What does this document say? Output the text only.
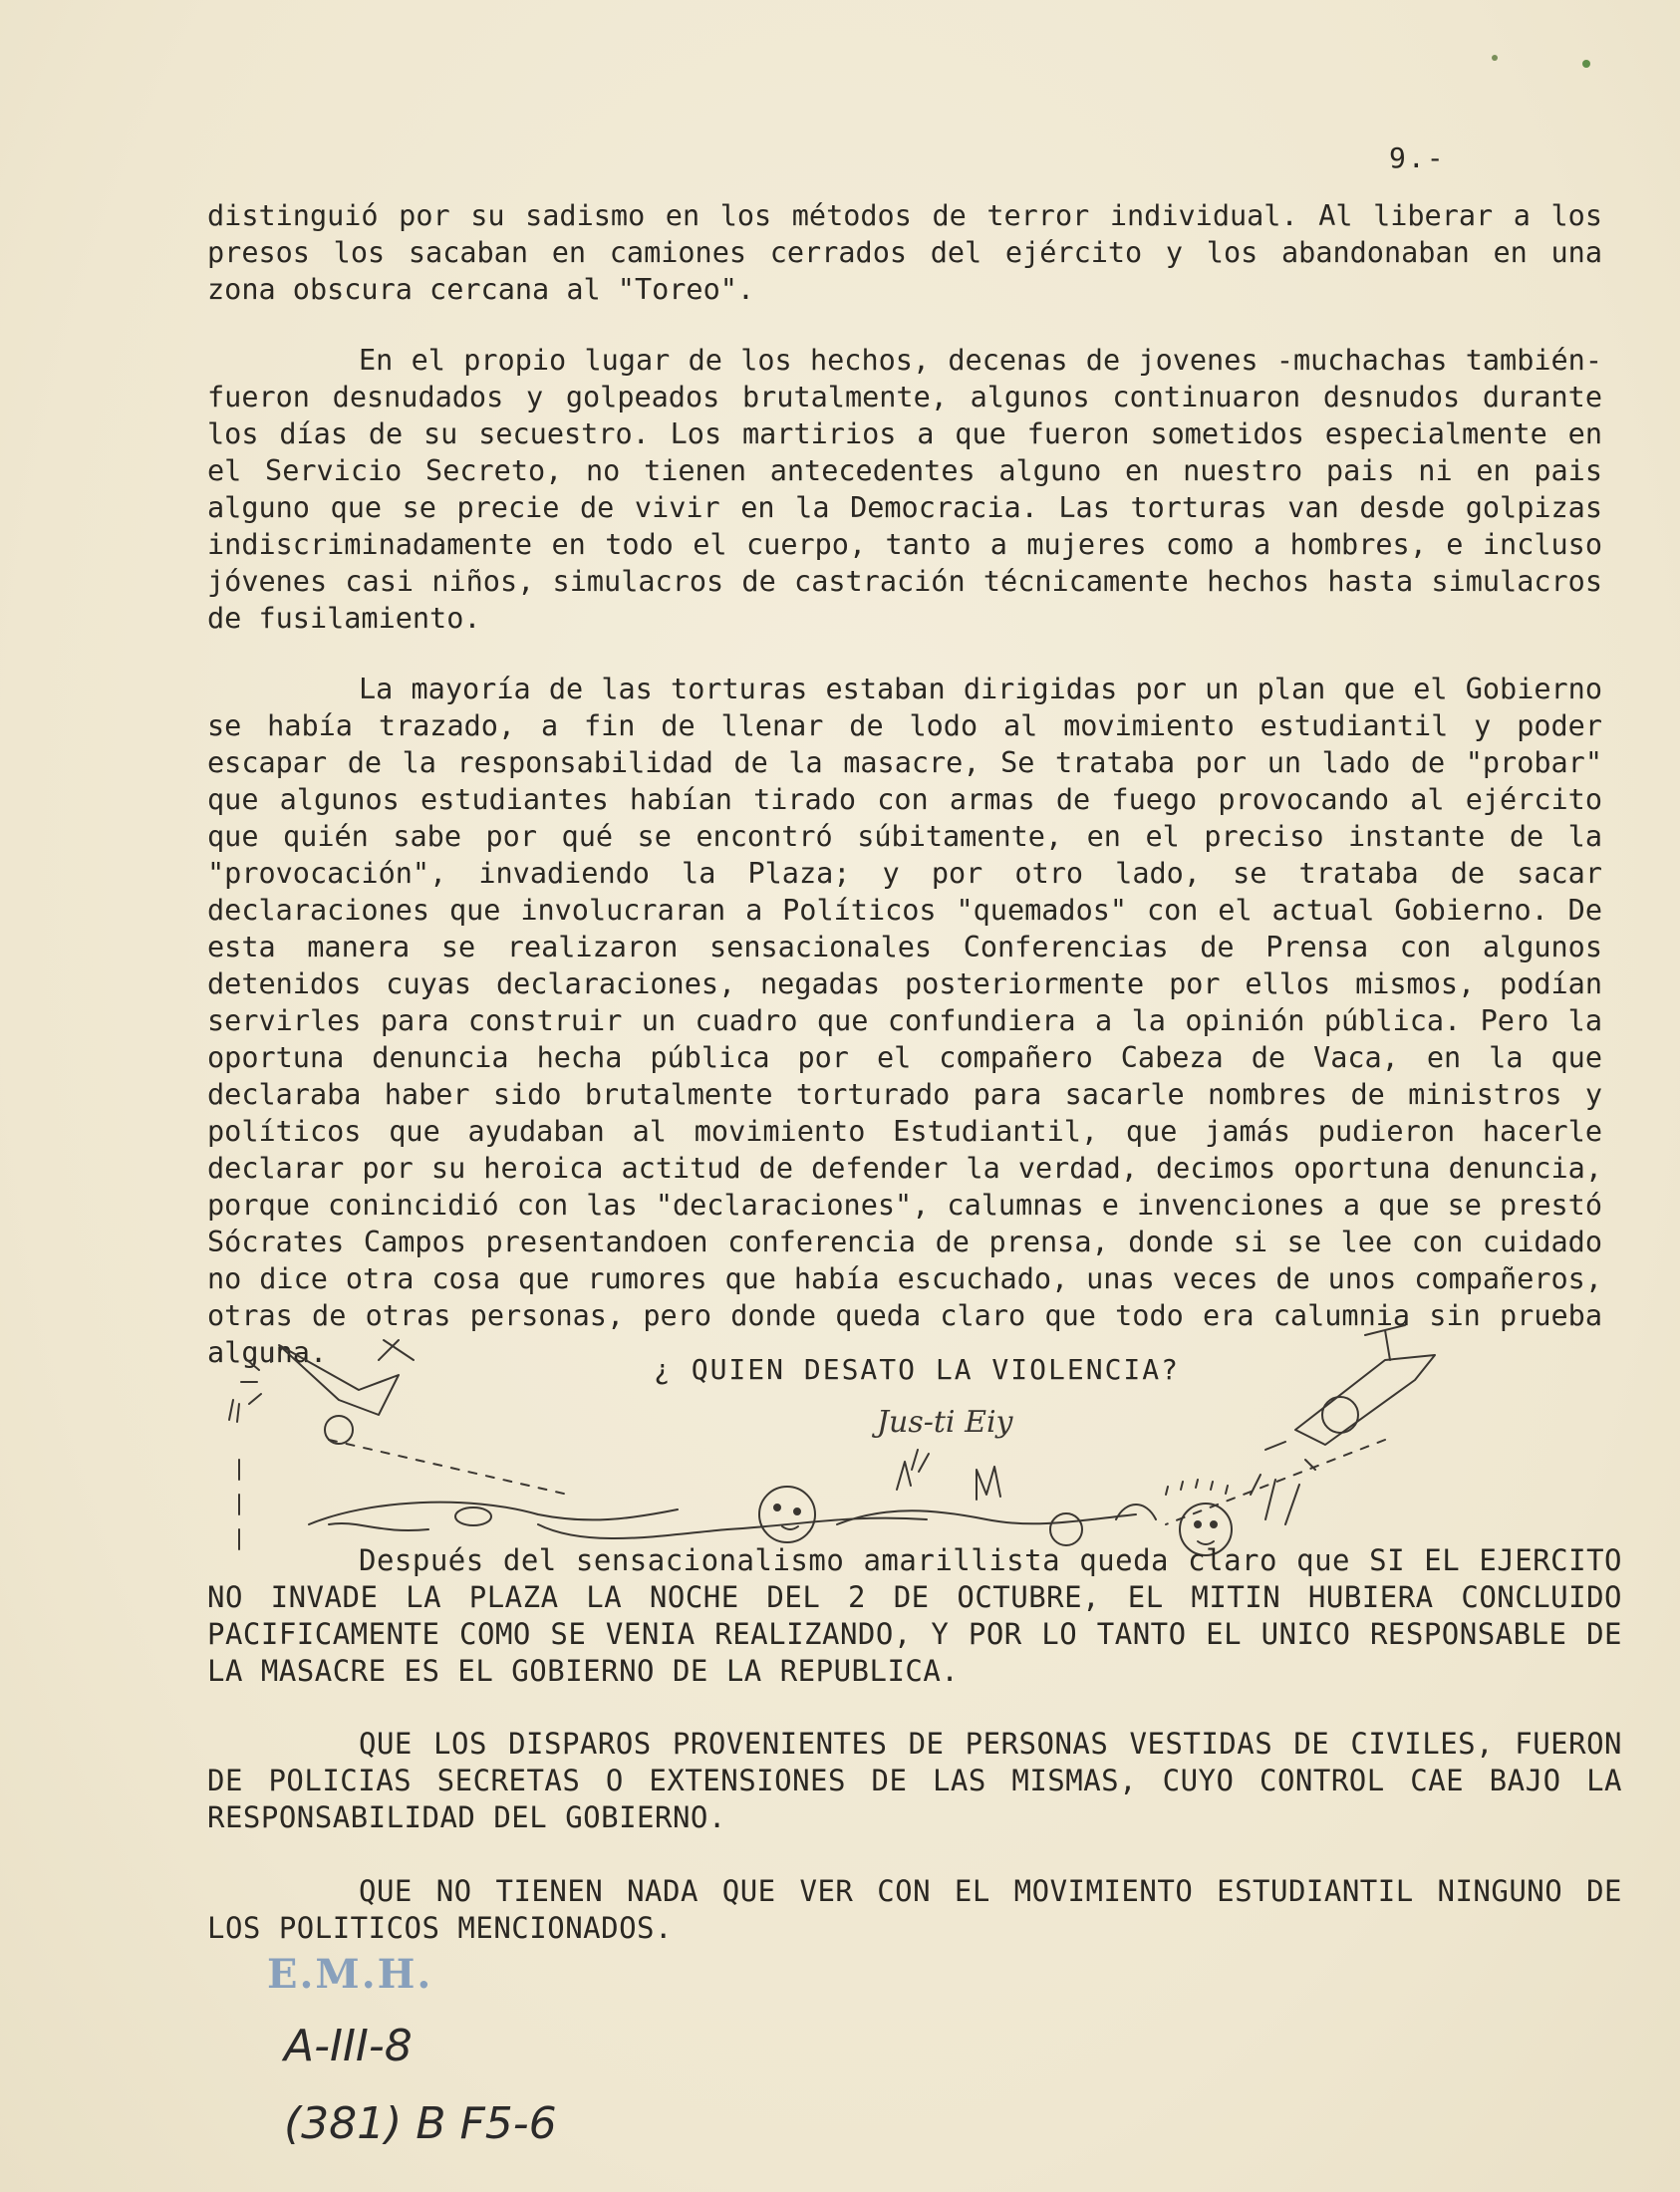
9.-

distinguió por su sadismo en los métodos de terror individual. Al liberar a los presos los sacaban en camiones cerrados del ejército y los abandonaban en una zona obscura cercana al "Toreo".

En el propio lugar de los hechos, decenas de jovenes -muchachas también- fueron desnudados y golpeados brutalmente, algunos continuaron desnudos durante los días de su secuestro. Los martirios a que fueron sometidos especialmente en el Servicio Secreto, no tienen antecedentes alguno en nuestro pais ni en pais alguno que se precie de vivir en la Democracia. Las torturas van desde golpizas indiscriminadamente en todo el cuerpo, tanto a mujeres como a hombres, e incluso jóvenes casi niños, simulacros de castración técnicamente hechos hasta simulacros de fusilamiento.

La mayoría de las torturas estaban dirigidas por un plan que el Gobierno se había trazado, a fin de llenar de lodo al movimiento estudiantil y poder escapar de la responsabilidad de la masacre, Se trataba por un lado de "probar" que algunos estudiantes habían tirado con armas de fuego provocando al ejército que quién sabe por qué se encontró súbitamente, en el preciso instante de la "provocación", invadiendo la Plaza; y por otro lado, se trataba de sacar declaraciones que involucraran a Políticos "quemados" con el actual Gobierno. De esta manera se realizaron sensacionales Conferencias de Prensa con algunos detenidos cuyas declaraciones, negadas posteriormente por ellos mismos, podían servirles para construir un cuadro que confundiera a la opinión pública. Pero la oportuna denuncia hecha pública por el compañero Cabeza de Vaca, en la que declaraba haber sido brutalmente torturado para sacarle nombres de ministros y políticos que ayudaban al movimiento Estudiantil, que jamás pudieron hacerle declarar por su heroica actitud de defender la verdad, decimos oportuna denuncia, porque conincidió con las "declaraciones", calumnas e invenciones a que se prestó Sócrates Campos presentandoen conferencia de prensa, donde si se lee con cuidado no dice otra cosa que rumores que había escuchado, unas veces de unos compañeros, otras de otras personas, pero donde queda claro que todo era calumnia sin prueba alguna.

¿ QUIEN DESATO LA VIOLENCIA?
Jus-ti Eiy

Después del sensacionalismo amarillista queda claro que SI EL EJERCITO NO INVADE LA PLAZA LA NOCHE DEL 2 DE OCTUBRE, EL MITIN HUBIERA CONCLUIDO PACIFICAMENTE COMO SE VENIA REALIZANDO, Y POR LO TANTO EL UNICO RESPONSABLE DE LA MASACRE ES EL GOBIERNO DE LA REPUBLICA.

QUE LOS DISPAROS PROVENIENTES DE PERSONAS VESTIDAS DE CIVILES, FUERON DE POLICIAS SECRETAS O EXTENSIONES DE LAS MISMAS, CUYO CONTROL CAE BAJO LA RESPONSABILIDAD DEL GOBIERNO.

QUE NO TIENEN NADA QUE VER CON EL MOVIMIENTO ESTUDIANTIL NINGUNO DE LOS POLITICOS MENCIONADOS.

E.M.H.
A-III-8
(381) B F5-6
